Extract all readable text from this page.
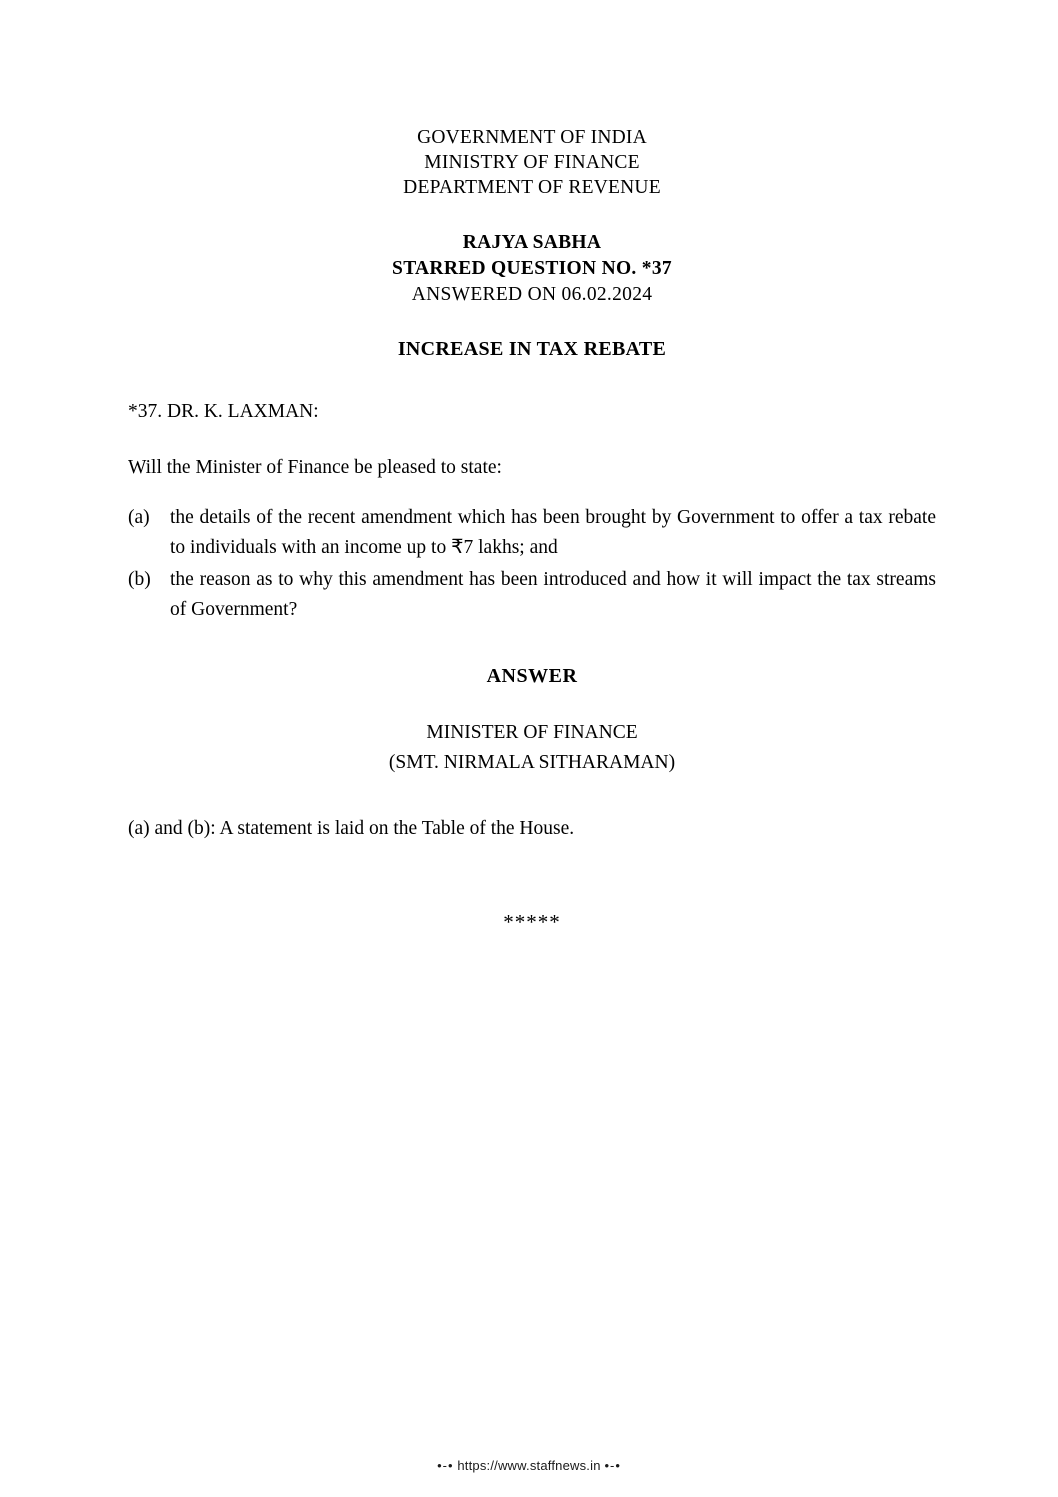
GOVERNMENT OF INDIA
MINISTRY OF FINANCE
DEPARTMENT OF REVENUE
RAJYA SABHA
STARRED QUESTION NO. *37
ANSWERED ON 06.02.2024
INCREASE IN TAX REBATE
*37. DR. K. LAXMAN:
Will the Minister of Finance be pleased to state:
(a)	the details of the recent amendment which has been brought by Government to offer a tax rebate to individuals with an income up to ₹7 lakhs; and
(b) the reason as to why this amendment has been introduced and how it will impact the tax streams of Government?
ANSWER
MINISTER OF FINANCE
(SMT. NIRMALA SITHARAMAN)
(a) and (b): A statement is laid on the Table of the House.
*****
•-• https://www.staffnews.in •-•
